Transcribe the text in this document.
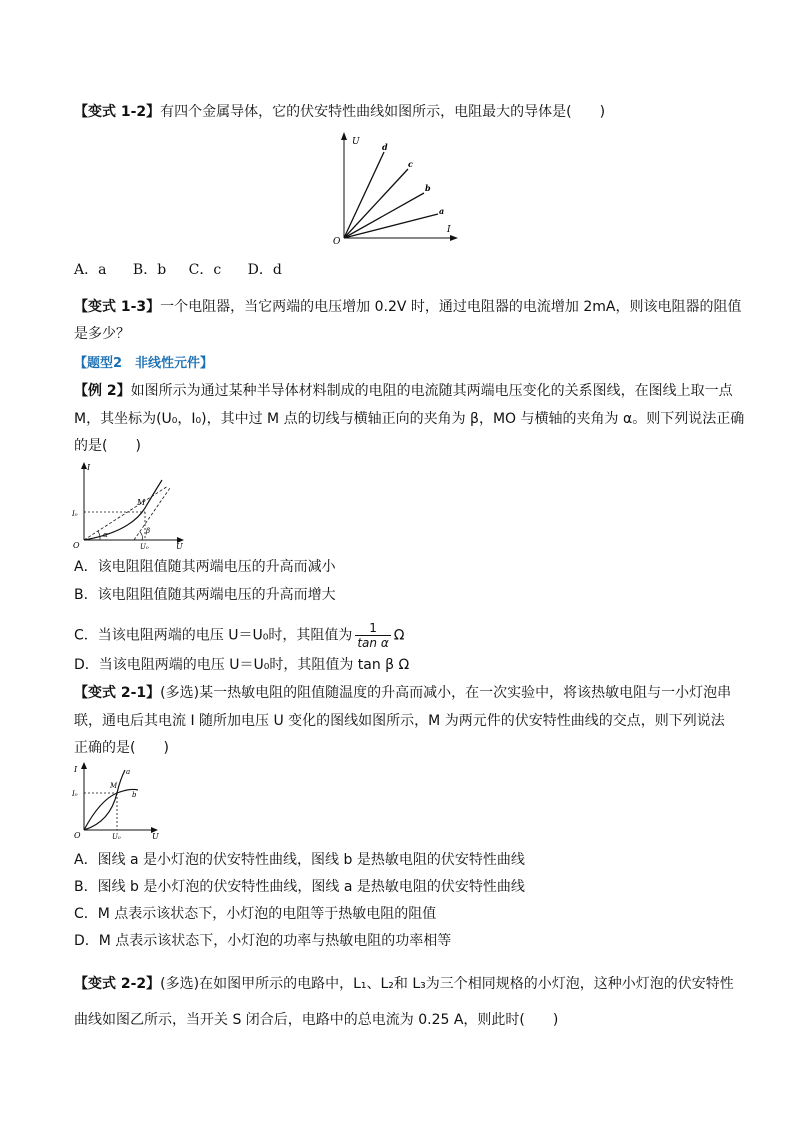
【变式 1-2】有四个金属导体，它的伏安特性曲线如图所示，电阻最大的导体是(　　)
U
I
O
d
c
b
a
A．a B．b C．c D．d
【变式 1-3】一个电阻器，当它两端的电压增加 0.2V 时，通过电阻器的电流增加 2mA，则该电阻器的阻值
是多少？
【题型2　非线性元件】
【例 2】如图所示为通过某种半导体材料制成的电阻的电流随其两端电压变化的关系图线，在图线上取一点
M，其坐标为(U₀，I₀)，其中过 M 点的切线与横轴正向的夹角为 β，MO 与横轴的夹角为 α。则下列说法正确
的是(　　)
I
U
O
M
I₀
U₀
α	β
A．该电阻阻值随其两端电压的升高而减小
B．该电阻阻值随其两端电压的升高而增大
C．当该电阻两端的电压 U＝U₀时，其阻值为 $\frac{1}{\text{tan α}}$ Ω
D．当该电阻两端的电压 U＝U₀时，其阻值为 tan β Ω
【变式 2-1】(多选)某一热敏电阻的阻值随温度的升高而减小，在一次实验中，将该热敏电阻与一小灯泡串
联，通电后其电流 I 随所加电压 U 变化的图线如图所示，M 为两元件的伏安特性曲线的交点，则下列说法
正确的是(　　)
I
U
O
M
I₀
U₀
a
b
A．图线 a 是小灯泡的伏安特性曲线，图线 b 是热敏电阻的伏安特性曲线
B．图线 b 是小灯泡的伏安特性曲线，图线 a 是热敏电阻的伏安特性曲线
C．M 点表示该状态下，小灯泡的电阻等于热敏电阻的阻值
D．M 点表示该状态下，小灯泡的功率与热敏电阻的功率相等
【变式 2-2】(多选)在如图甲所示的电路中，L₁、L₂和 L₃为三个相同规格的小灯泡，这种小灯泡的伏安特性
曲线如图乙所示，当开关 S 闭合后，电路中的总电流为 0.25 A，则此时(　　)
